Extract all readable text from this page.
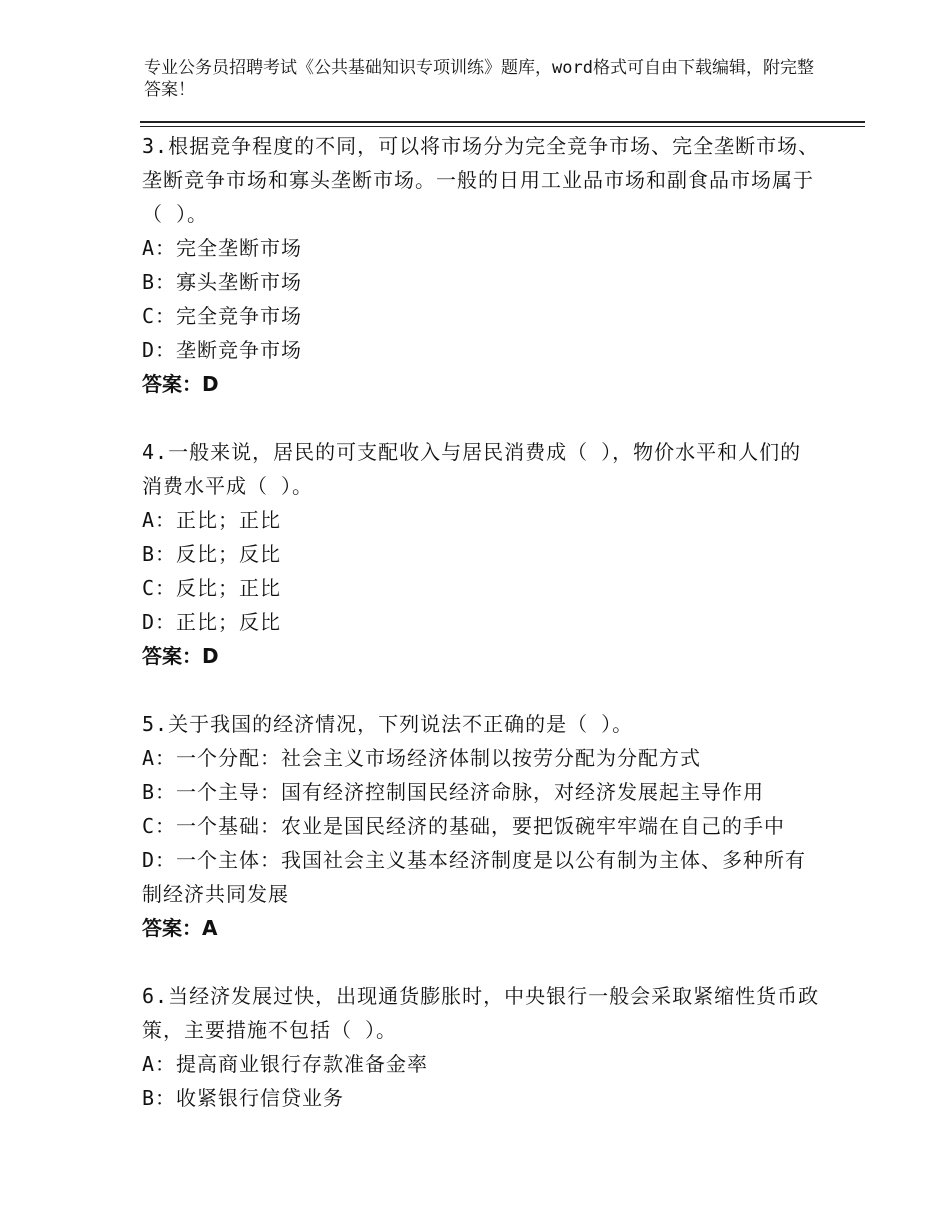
专业公务员招聘考试《公共基础知识专项训练》题库，word格式可自由下载编辑，附完整答案！

3.根据竞争程度的不同，可以将市场分为完全竞争市场、完全垄断市场、垄断竞争市场和寡头垄断市场。一般的日用工业品市场和副食品市场属于（ ）。

A：完全垄断市场

B：寡头垄断市场

C：完全竞争市场

D：垄断竞争市场

答案：D

4.一般来说，居民的可支配收入与居民消费成（ ），物价水平和人们的消费水平成（ ）。

A：正比；正比

B：反比；反比

C：反比；正比

D：正比；反比

答案：D

5.关于我国的经济情况，下列说法不正确的是（ ）。

A：一个分配：社会主义市场经济体制以按劳分配为分配方式

B：一个主导：国有经济控制国民经济命脉，对经济发展起主导作用

C：一个基础：农业是国民经济的基础，要把饭碗牢牢端在自己的手中

D：一个主体：我国社会主义基本经济制度是以公有制为主体、多种所有制经济共同发展

答案：A

6.当经济发展过快，出现通货膨胀时，中央银行一般会采取紧缩性货币政策，主要措施不包括（ ）。

A：提高商业银行存款准备金率

B：收紧银行信贷业务
